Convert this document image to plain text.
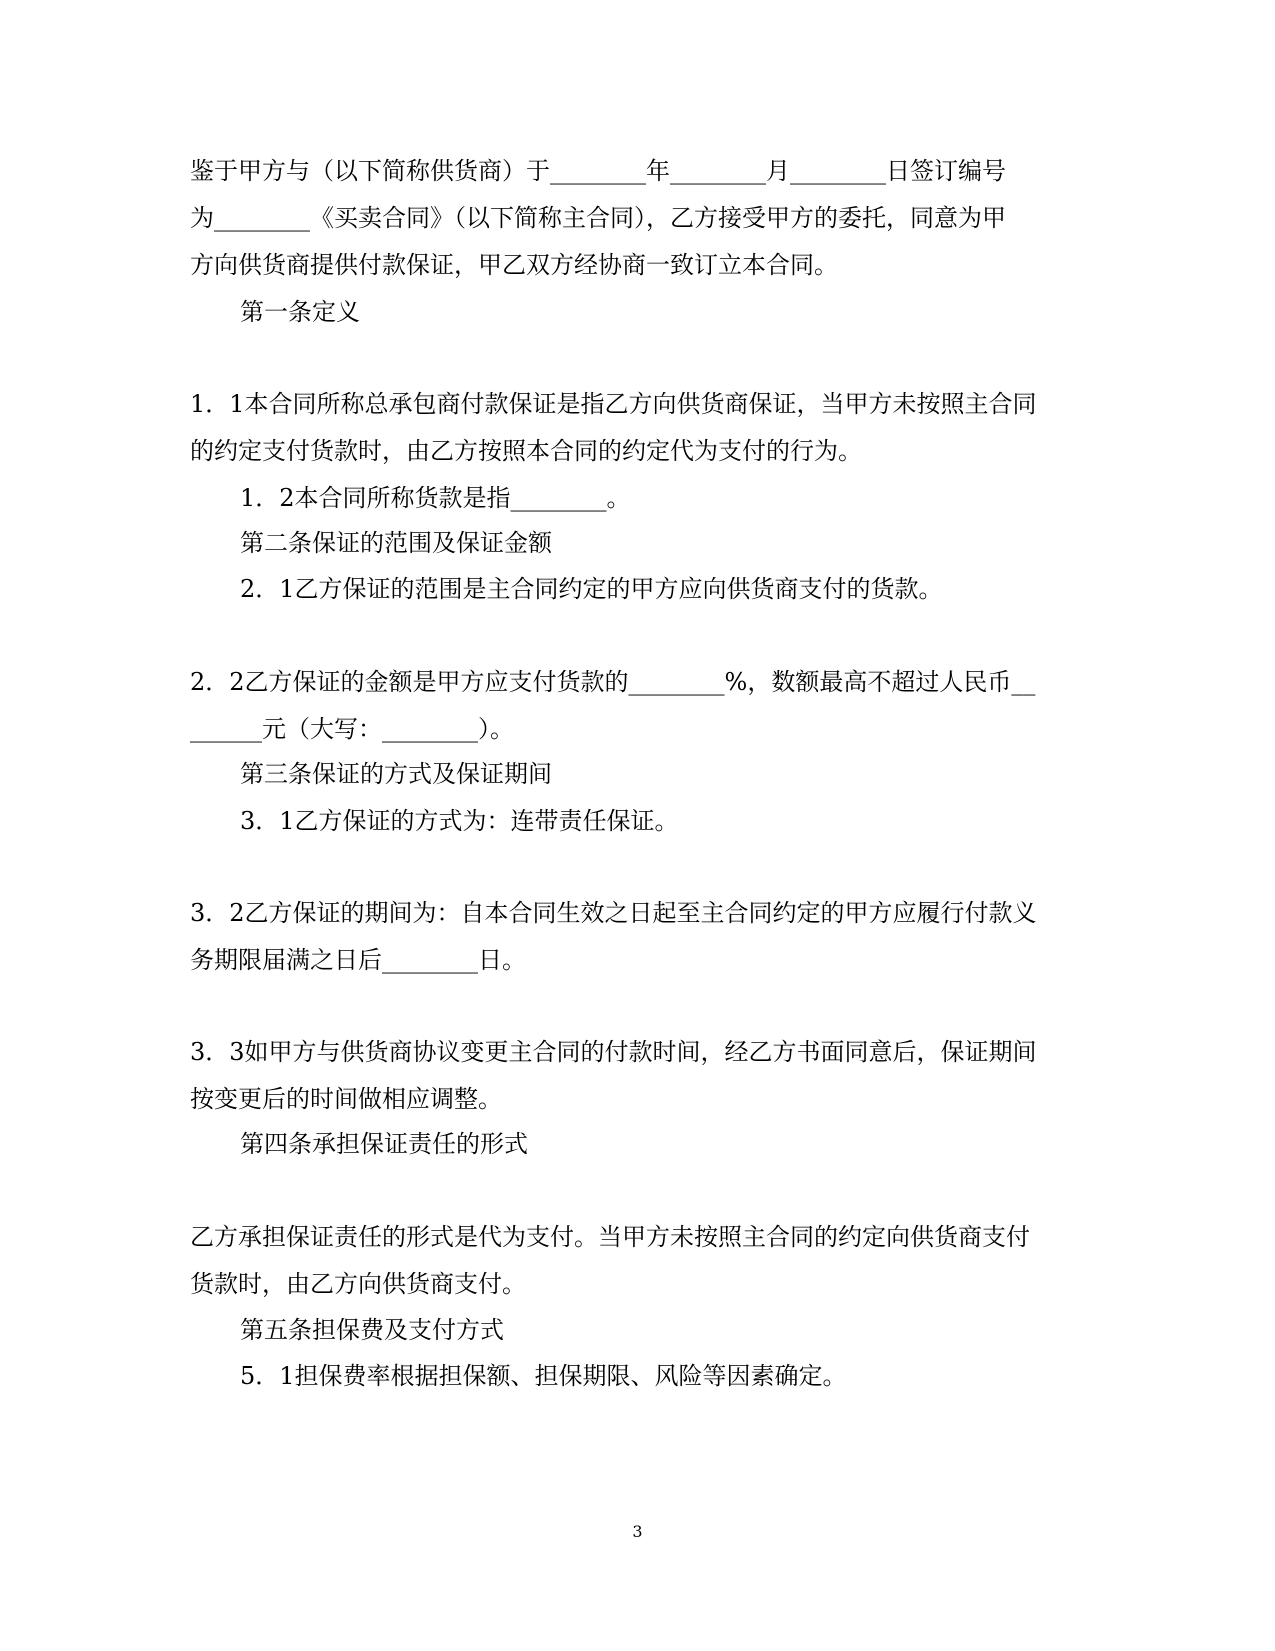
鉴于甲方与（以下简称供货商）于________年________月________日签订编号
为________《买卖合同》（以下简称主合同），乙方接受甲方的委托，同意为甲
方向供货商提供付款保证，甲乙双方经协商一致订立本合同。
第一条定义
1．1本合同所称总承包商付款保证是指乙方向供货商保证，当甲方未按照主合同
的约定支付货款时，由乙方按照本合同的约定代为支付的行为。
1．2本合同所称货款是指________。
第二条保证的范围及保证金额
2．1乙方保证的范围是主合同约定的甲方应向供货商支付的货款。
2．2乙方保证的金额是甲方应支付货款的________%，数额最高不超过人民币__
______元（大写：________）。
第三条保证的方式及保证期间
3．1乙方保证的方式为：连带责任保证。
3．2乙方保证的期间为：自本合同生效之日起至主合同约定的甲方应履行付款义
务期限届满之日后________日。
3．3如甲方与供货商协议变更主合同的付款时间，经乙方书面同意后，保证期间
按变更后的时间做相应调整。
第四条承担保证责任的形式
乙方承担保证责任的形式是代为支付。当甲方未按照主合同的约定向供货商支付
货款时，由乙方向供货商支付。
第五条担保费及支付方式
5．1担保费率根据担保额、担保期限、风险等因素确定。
3
